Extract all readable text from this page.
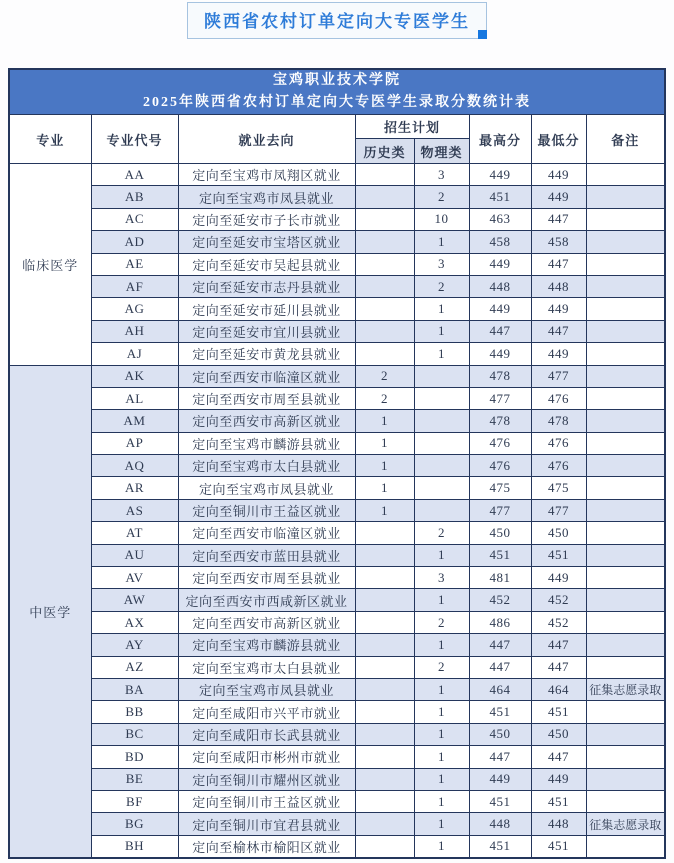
陕西省农村订单定向大专医学生
宝鸡职业技术学院
2025年陕西省农村订单定向大专医学生录取分数统计表							

专业	专业代号	就业去向	招生计划		最高分	最低分	备注
			历史类	物理类			
临床医学	AA	定向至宝鸡市凤翔区就业		3	449	449	
	AB	定向至宝鸡市凤县就业		2	451	449	
	AC	定向至延安市子长市就业		10	463	447	
	AD	定向至延安市宝塔区就业		1	458	458	
	AE	定向至延安市吴起县就业		3	449	447	
	AF	定向至延安市志丹县就业		2	448	448	
	AG	定向至延安市延川县就业		1	449	449	
	AH	定向至延安市宜川县就业		1	447	447	
	AJ	定向至延安市黄龙县就业		1	449	449	
中医学	AK	定向至西安市临潼区就业	2		478	477	
	AL	定向至西安市周至县就业	2		477	476	
	AM	定向至西安市高新区就业	1		478	478	
	AP	定向至宝鸡市麟游县就业	1		476	476	
	AQ	定向至宝鸡市太白县就业	1		476	476	
	AR	定向至宝鸡市凤县就业	1		475	475	
	AS	定向至铜川市王益区就业	1		477	477	
	AT	定向至西安市临潼区就业		2	450	450	
	AU	定向至西安市蓝田县就业		1	451	451	
	AV	定向至西安市周至县就业		3	481	449	
	AW	定向至西安市西咸新区就业		1	452	452	
	AX	定向至西安市高新区就业		2	486	452	
	AY	定向至宝鸡市麟游县就业		1	447	447	
	AZ	定向至宝鸡市太白县就业		2	447	447	
	BA	定向至宝鸡市凤县就业		1	464	464	征集志愿录取
	BB	定向至咸阳市兴平市就业		1	451	451	
	BC	定向至咸阳市长武县就业		1	450	450	
	BD	定向至咸阳市彬州市就业		1	447	447	
	BE	定向至铜川市耀州区就业		1	449	449	
	BF	定向至铜川市王益区就业		1	451	451	
	BG	定向至铜川市宜君县就业		1	448	448	征集志愿录取
	BH	定向至榆林市榆阳区就业		1	451	451	
